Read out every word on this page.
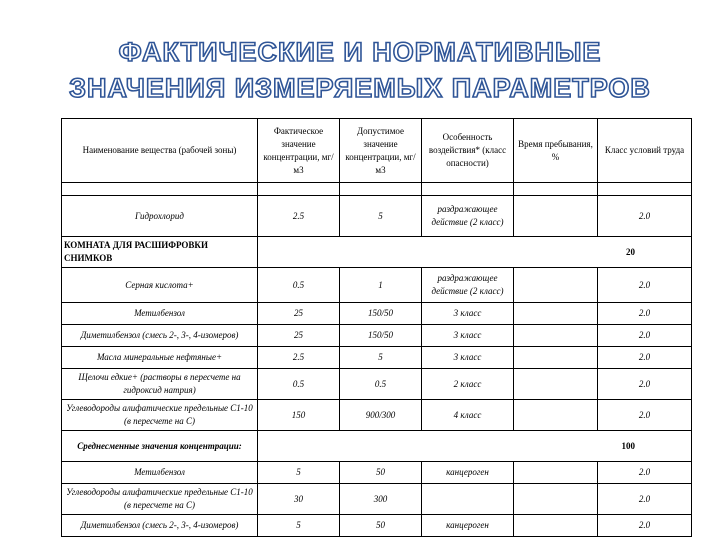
ФАКТИЧЕСКИЕ И НОРМАТИВНЫЕ
ЗНАЧЕНИЯ ИЗМЕРЯЕМЫХ ПАРАМЕТРОВ
Наименование вещества (рабочей зоны)	Фактическое значение концентрации, мг/м3	Допустимое значение концентрации, мг/м3	Особенность воздействия* (класс опасности)	Время пребывания, %	Класс условий труда

Гидрохлорид	2.5	5	раздражающее действие (2 класс)		2.0
КОМНАТА ДЛЯ РАСШИФРОВКИ СНИМКОВ	20				
Серная кислота+	0.5	1	раздражающее действие (2 класс)		2.0
Метилбензол	25	150/50	3 класс		2.0
Диметилбензол (смесь 2-, 3-, 4-изомеров)	25	150/50	3 класс		2.0
Масла минеральные нефтяные+	2.5	5	3 класс		2.0
Щелочи едкие+ (растворы в пересчете на гидроксид натрия)	0.5	0.5	2 класс		2.0
Углеводороды алифатические предельные C1-10 (в пересчете на C)	150	900/300	4 класс		2.0
Среднесменные значения концентрации:	100				
Метилбензол	5	50	канцероген		2.0
Углеводороды алифатические предельные C1-10 (в пересчете на C)	30	300			2.0
Диметилбензол (смесь 2-, 3-, 4-изомеров)	5	50	канцероген		2.0
